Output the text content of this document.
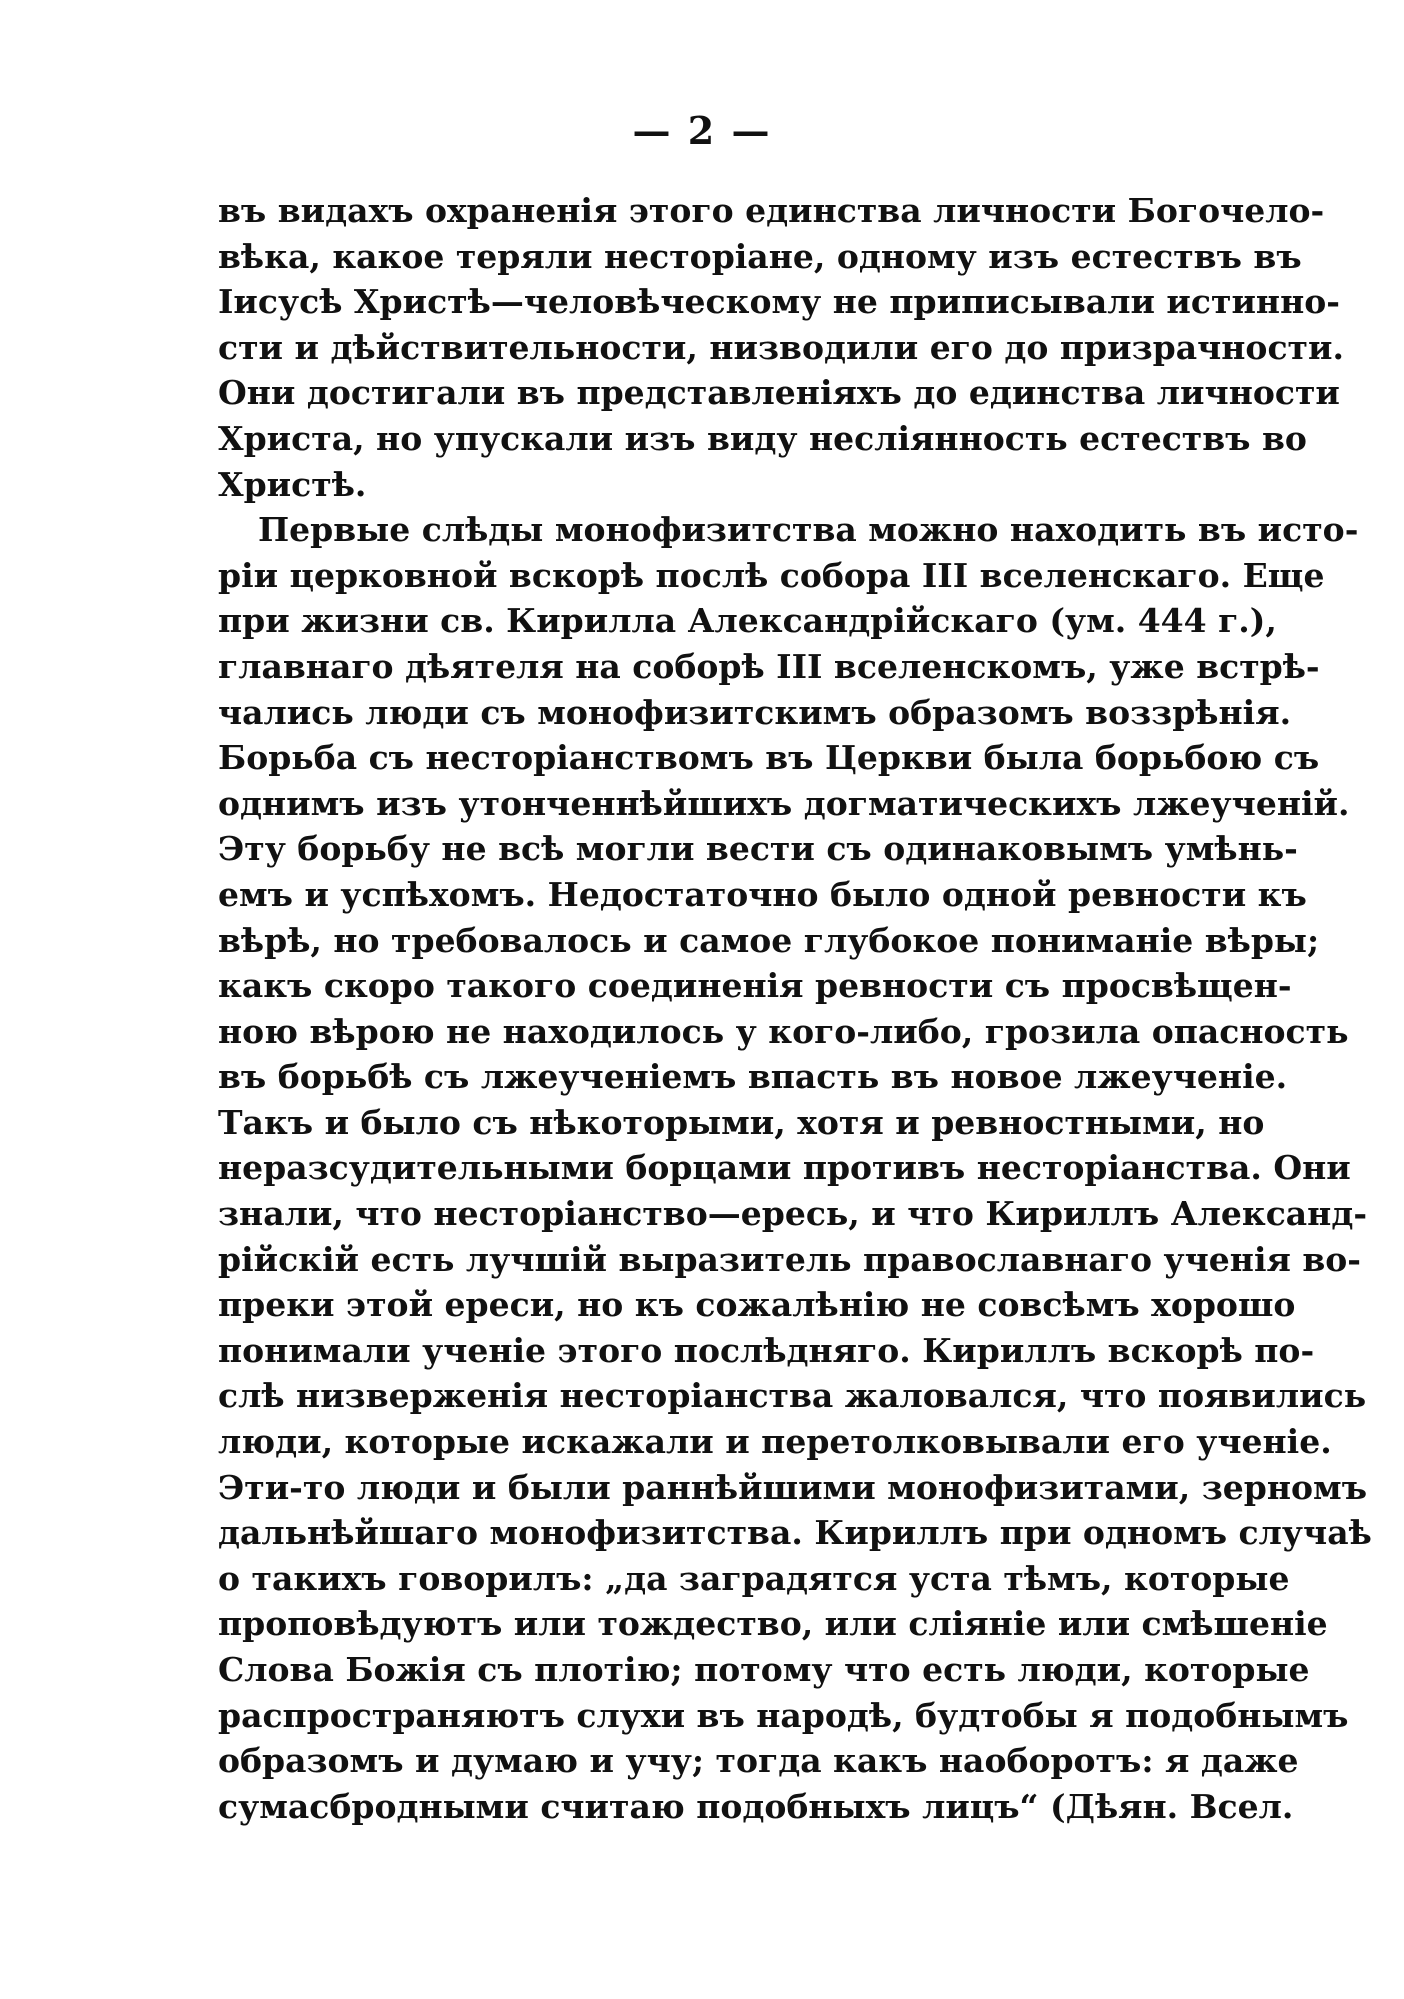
— 2 —
въ видахъ охраненія этого единства личности Богочело-
вѣка, какое теряли несторіане, одному изъ естествъ въ
Іисусѣ Христѣ—человѣческому не приписывали истинно-
сти и дѣйствительности, низводили его до призрачности.
Они достигали въ представленіяхъ до единства личности
Христа, но упускали изъ виду неслiянность естествъ во
Христѣ.
Первые слѣды монофизитства можно находить въ исто-
ріи церковной вскорѣ послѣ собора III вселенскаго. Еще
при жизни св. Кирилла Александрійскаго (ум. 444 г.),
главнаго дѣятеля на соборѣ III вселенскомъ, уже встрѣ-
чались люди съ монофизитскимъ образомъ воззрѣнія.
Борьба съ несторіанствомъ въ Церкви была борьбою съ
однимъ изъ утонченнѣйшихъ догматическихъ лжеученій.
Эту борьбу не всѣ могли вести съ одинаковымъ умѣнь-
емъ и успѣхомъ. Недостаточно было одной ревности къ
вѣрѣ, но требовалось и самое глубокое пониманіе вѣры;
какъ скоро такого соединенія ревности съ просвѣщен-
ною вѣрою не находилось у кого-либо, грозила опасность
въ борьбѣ съ лжеученіемъ впасть въ новое лжеученіе.
Такъ и было съ нѣкоторыми, хотя и ревностными, но
неразсудительными борцами противъ несторіанства. Они
знали, что несторіанство—ересь, и что Кириллъ Александ-
рійскій есть лучшій выразитель православнаго ученія во-
преки этой ереси, но къ сожалѣнію не совсѣмъ хорошо
понимали ученіе этого послѣдняго. Кириллъ вскорѣ по-
слѣ низверженія несторіанства жаловался, что появились
люди, которые искажали и перетолковывали его ученіе.
Эти-то люди и были раннѣйшими монофизитами, зерномъ
дальнѣйшаго монофизитства. Кириллъ при одномъ случаѣ
о такихъ говорилъ: „да заградятся уста тѣмъ, которые
проповѣдуютъ или тождество, или сліяніе или смѣшеніе
Слова Божія съ плотію; потому что есть люди, которые
распространяютъ слухи въ народѣ, будтобы я подобнымъ
образомъ и думаю и учу; тогда какъ наоборотъ: я даже
сумасбродными считаю подобныхъ лицъ“ (Дѣян. Всел.
